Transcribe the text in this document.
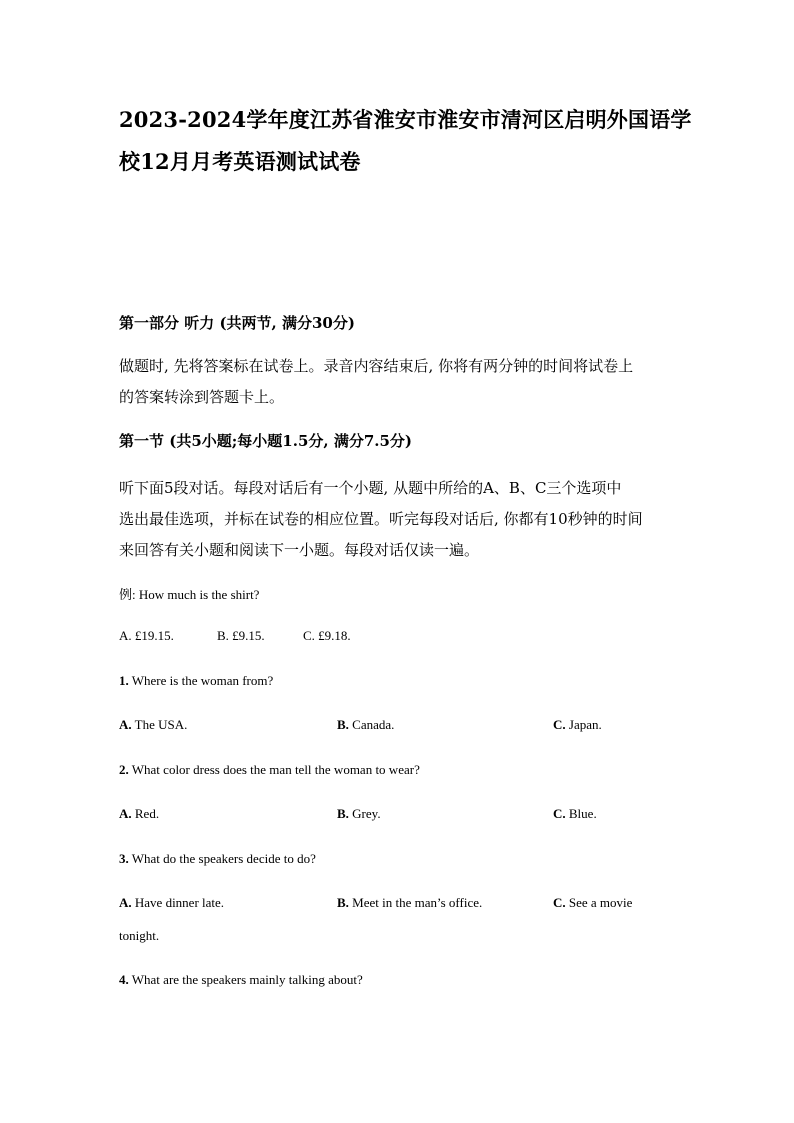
2023-2024学年度江苏省淮安市淮安市清河区启明外国语学
校12月月考英语测试试卷
第一部分 听力 (共两节, 满分30分)
做题时, 先将答案标在试卷上。录音内容结束后, 你将有两分钟的时间将试卷上
的答案转涂到答题卡上。
第一节 (共5小题;每小题1.5分, 满分7.5分)
听下面5段对话。每段对话后有一个小题, 从题中所给的A、B、C三个选项中
选出最佳选项，并标在试卷的相应位置。听完每段对话后, 你都有10秒钟的时间
来回答有关小题和阅读下一小题。每段对话仅读一遍。
例: How much is the shirt?
A. £19.15.	B. £9.15.	C. £9.18.
1. Where is the woman from?
A. The USA.	B. Canada.	C. Japan.
2. What color dress does the man tell the woman to wear?
A. Red.	B. Grey.	C. Blue.
3. What do the speakers decide to do?
A. Have dinner late.	B. Meet in the man’s office.	C. See a movie
tonight.
4. What are the speakers mainly talking about?
